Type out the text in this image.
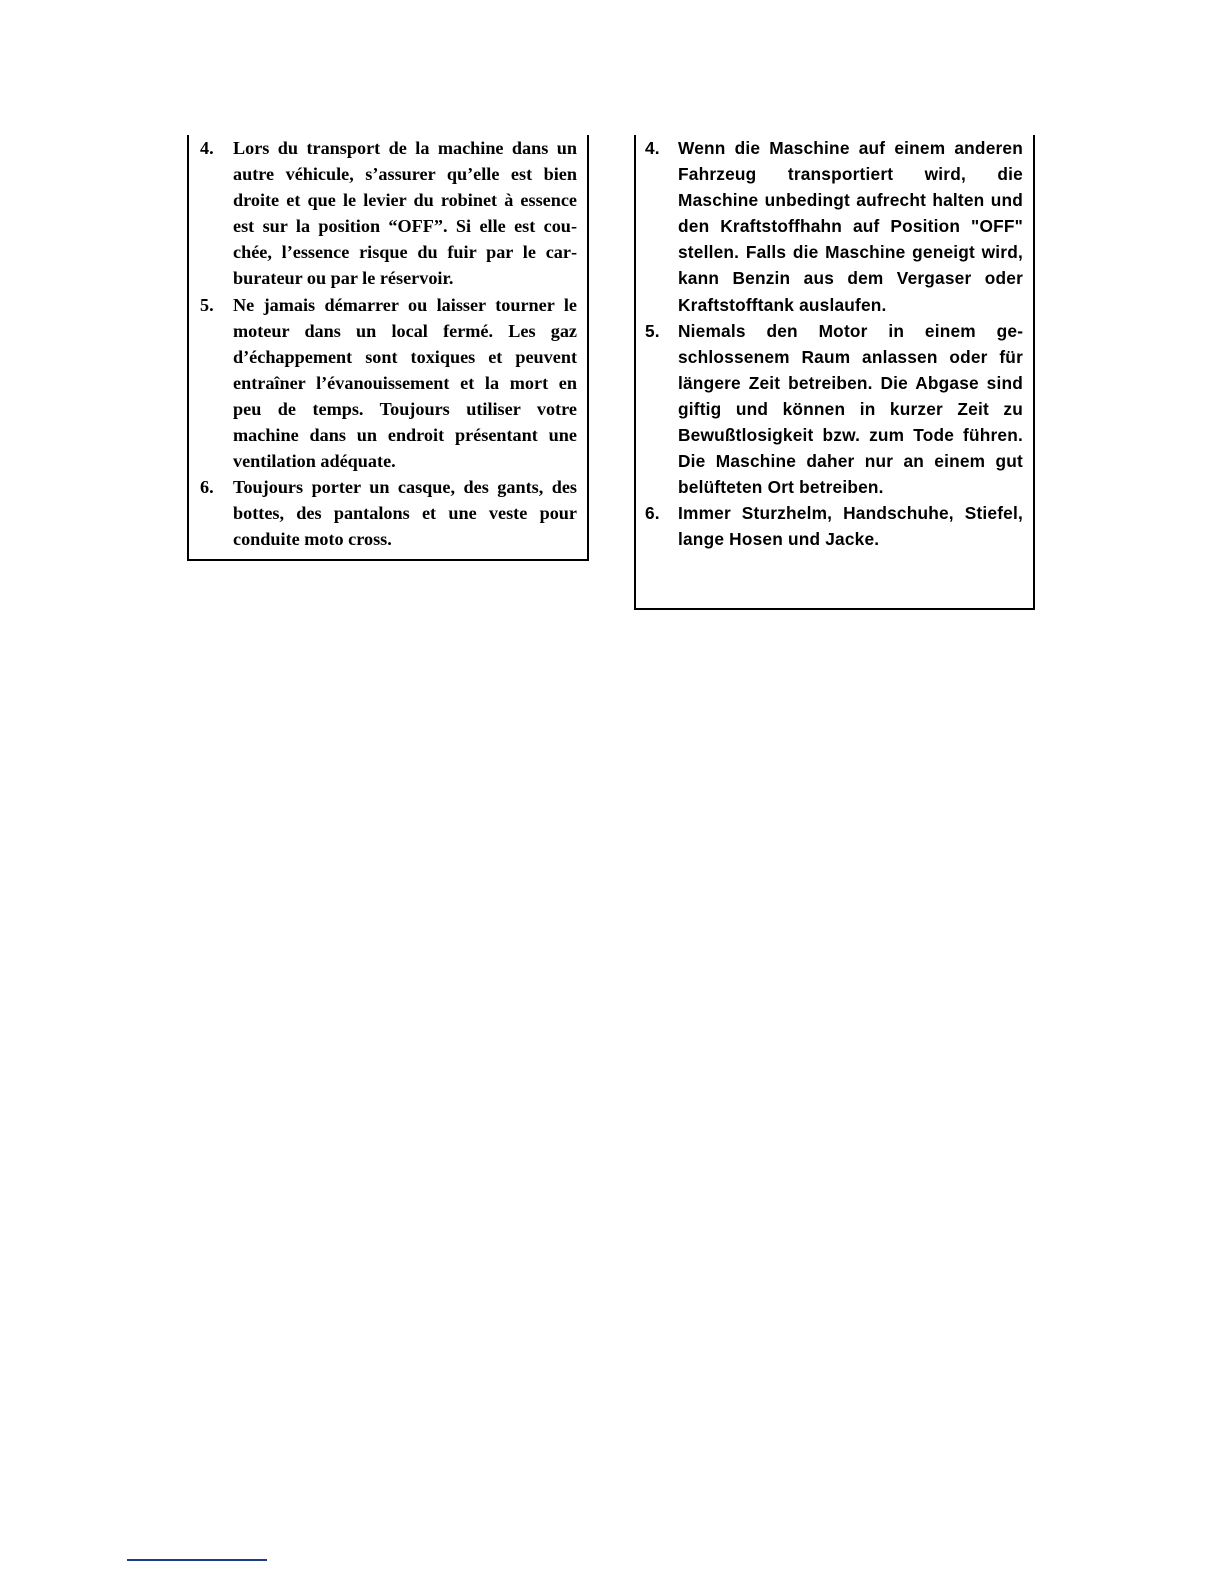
4.	Lors du transport de la machine dans un autre véhicule, s’assurer qu’elle est bien droite et que le levier du robinet à essence est sur la position “OFF”. Si elle est couchée, l’essence risque du fuir par le carburateur ou par le réservoir.
5.	Ne jamais démarrer ou laisser tourner le moteur dans un local fermé. Les gaz d’échappement sont toxiques et peuvent entraîner l’évanouissement et la mort en peu de temps. Toujours utiliser votre machine dans un endroit présentant une ventilation adéquate.
6.	Toujours porter un casque, des gants, des bottes, des pantalons et une veste pour conduite moto cross.
4.	Wenn die Maschine auf einem anderen Fahrzeug transportiert wird, die Maschine unbedingt aufrecht halten und den Kraftstoffhahn auf Position "OFF" stellen. Falls die Maschine geneigt wird, kann Benzin aus dem Vergaser oder Kraftstofftank auslaufen.
5.	Niemals den Motor in einem geschlossenem Raum anlassen oder für längere Zeit betreiben. Die Abgase sind giftig und können in kurzer Zeit zu Bewußtlosigkeit bzw. zum Tode führen. Die Maschine daher nur an einem gut belüfteten Ort betreiben.
6.	Immer Sturzhelm, Handschuhe, Stiefel, lange Hosen und Jacke.
